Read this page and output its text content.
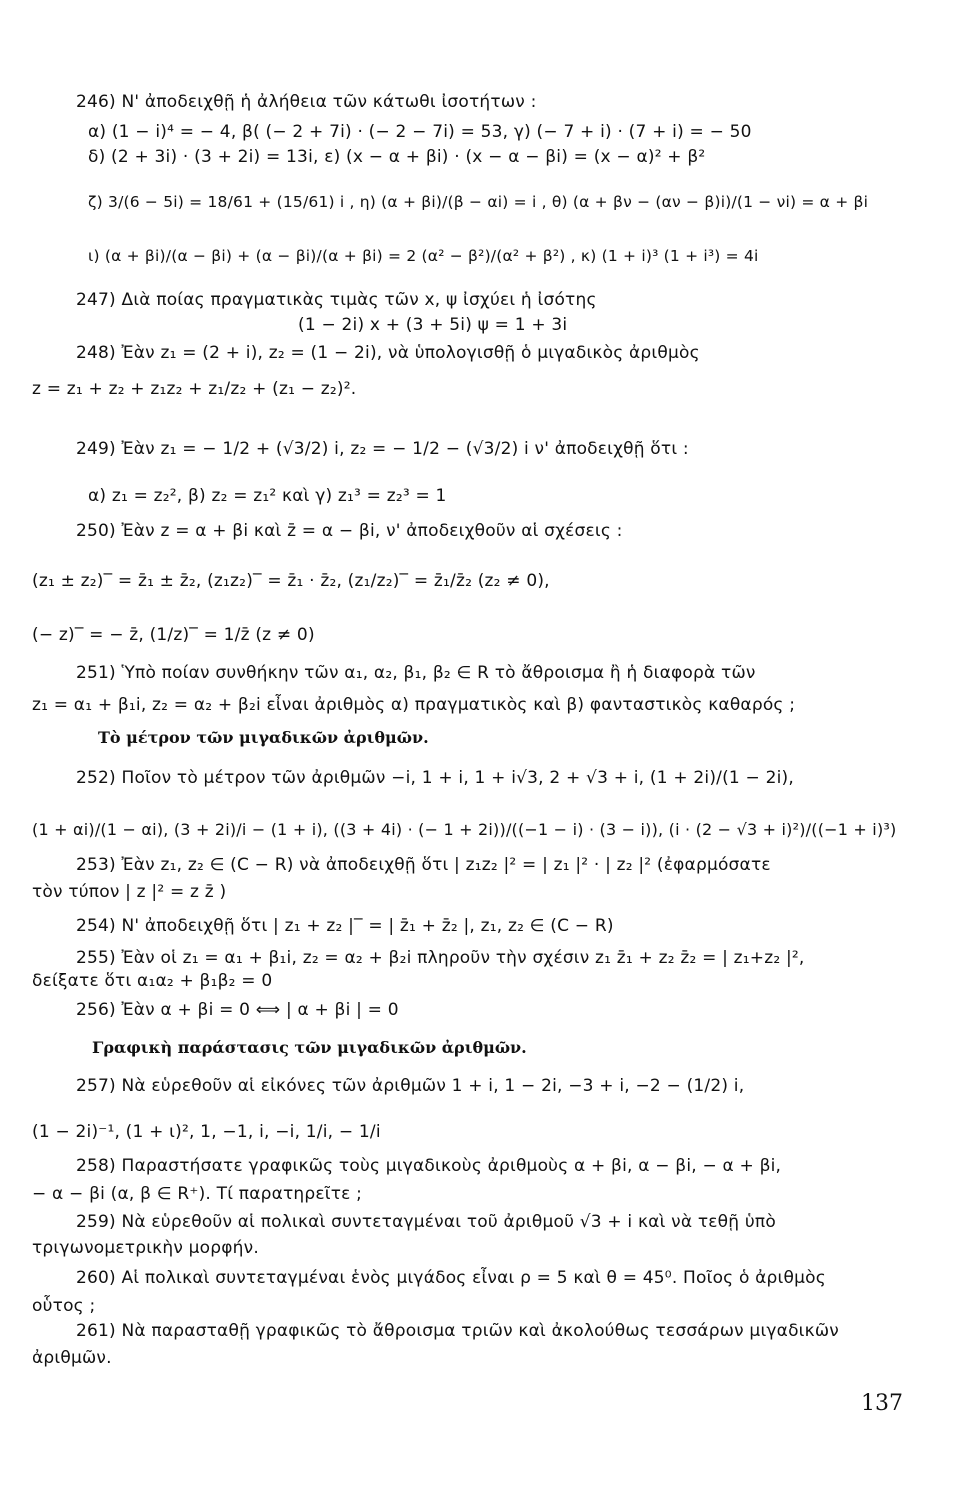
246) Ν' ἀποδειχθῇ ἡ ἀλήθεια τῶν κάτωθι ἰσοτήτων :
α) (1 − i)⁴ = − 4, β( (− 2 + 7i) · (− 2 − 7i) = 53, γ) (− 7 + i) · (7 + i) = − 50
δ) (2 + 3i) · (3 + 2i) = 13i, ε) (x − α + βi) · (x − α − βi) = (x − α)² + β²
ζ) 3/(6 − 5i) = 18/61 + (15/61) i , η) (α + βi)/(β − αi) = i , θ) (α + βν − (αν − β)i)/(1 − νi) = α + βi
ι) (α + βi)/(α − βi) + (α − βi)/(α + βi) = 2 (α² − β²)/(α² + β²) , κ) (1 + i)³ (1 + i³) = 4i
247) Διὰ ποίας πραγματικὰς τιμὰς τῶν x, ψ ἰσχύει ἡ ἰσότης
(1 − 2i) x + (3 + 5i) ψ = 1 + 3i
248) Ἐὰν z₁ = (2 + i), z₂ = (1 − 2i), νὰ ὑπολογισθῇ ὁ μιγαδικὸς ἀριθμὸς
z = z₁ + z₂ + z₁z₂ + z₁/z₂ + (z₁ − z₂)².
249) Ἐὰν z₁ = − 1/2 + (√3/2) i, z₂ = − 1/2 − (√3/2) i ν' ἀποδειχθῇ ὅτι :
α) z₁ = z₂², β) z₂ = z₁² καὶ γ) z₁³ = z₂³ = 1
250) Ἐὰν z = α + βi καὶ z̄ = α − βi, ν' ἀποδειχθοῦν αἱ σχέσεις :
(z₁ ± z₂)‾ = z̄₁ ± z̄₂, (z₁z₂)‾ = z̄₁ · z̄₂, (z₁/z₂)‾ = z̄₁/z̄₂ (z₂ ≠ 0),
(− z)‾ = − z̄, (1/z)‾ = 1/z̄ (z ≠ 0)
251) Ὑπὸ ποίαν συνθήκην τῶν α₁, α₂, β₁, β₂ ∈ R τὸ ἄθροισμα ἢ ἡ διαφορὰ τῶν
z₁ = α₁ + β₁i, z₂ = α₂ + β₂i εἶναι ἀριθμὸς α) πραγματικὸς καὶ β) φανταστικὸς καθαρός ;
Τὸ μέτρον τῶν μιγαδικῶν ἀριθμῶν.
252) Ποῖον τὸ μέτρον τῶν ἀριθμῶν −i, 1 + i, 1 + i√3, 2 + √3 + i, (1 + 2i)/(1 − 2i),
(1 + αi)/(1 − αi), (3 + 2i)/i − (1 + i), ((3 + 4i) · (− 1 + 2i))/((−1 − i) · (3 − i)), (i · (2 − √3 + i)²)/((−1 + i)³)
253) Ἐὰν z₁, z₂ ∈ (C − R) νὰ ἀποδειχθῇ ὅτι | z₁z₂ |² = | z₁ |² · | z₂ |² (ἐφαρμόσατε
τὸν τύπον | z |² = z z̄ )
254) Ν' ἀποδειχθῇ ὅτι | z₁ + z₂ |‾ = | z̄₁ + z̄₂ |, z₁, z₂ ∈ (C − R)
255) Ἐὰν οἱ z₁ = α₁ + β₁i, z₂ = α₂ + β₂i πληροῦν τὴν σχέσιν z₁ z̄₁ + z₂ z̄₂ = | z₁+z₂ |²,
δείξατε ὅτι α₁α₂ + β₁β₂ = 0
256) Ἐὰν α + βi = 0 ⟺ | α + βi | = 0
Γραφικὴ παράστασις τῶν μιγαδικῶν ἀριθμῶν.
257) Νὰ εὑρεθοῦν αἱ εἰκόνες τῶν ἀριθμῶν 1 + i, 1 − 2i, −3 + i, −2 − (1/2) i,
(1 − 2i)⁻¹, (1 + ι)², 1, −1, i, −i, 1/i, − 1/i
258) Παραστήσατε γραφικῶς τοὺς μιγαδικοὺς ἀριθμοὺς α + βi, α − βi, − α + βi,
− α − βi (α, β ∈ R⁺). Τί παρατηρεῖτε ;
259) Νὰ εὑρεθοῦν αἱ πολικαὶ συντεταγμέναι τοῦ ἀριθμοῦ √3 + i καὶ νὰ τεθῇ ὑπὸ
τριγωνομετρικὴν μορφήν.
260) Αἱ πολικαὶ συντεταγμέναι ἑνὸς μιγάδος εἶναι ρ = 5 καὶ θ = 45⁰. Ποῖος ὁ ἀριθμὸς
οὗτος ;
261) Νὰ παρασταθῇ γραφικῶς τὸ ἄθροισμα τριῶν καὶ ἀκολούθως τεσσάρων μιγαδικῶν
ἀριθμῶν.
137
